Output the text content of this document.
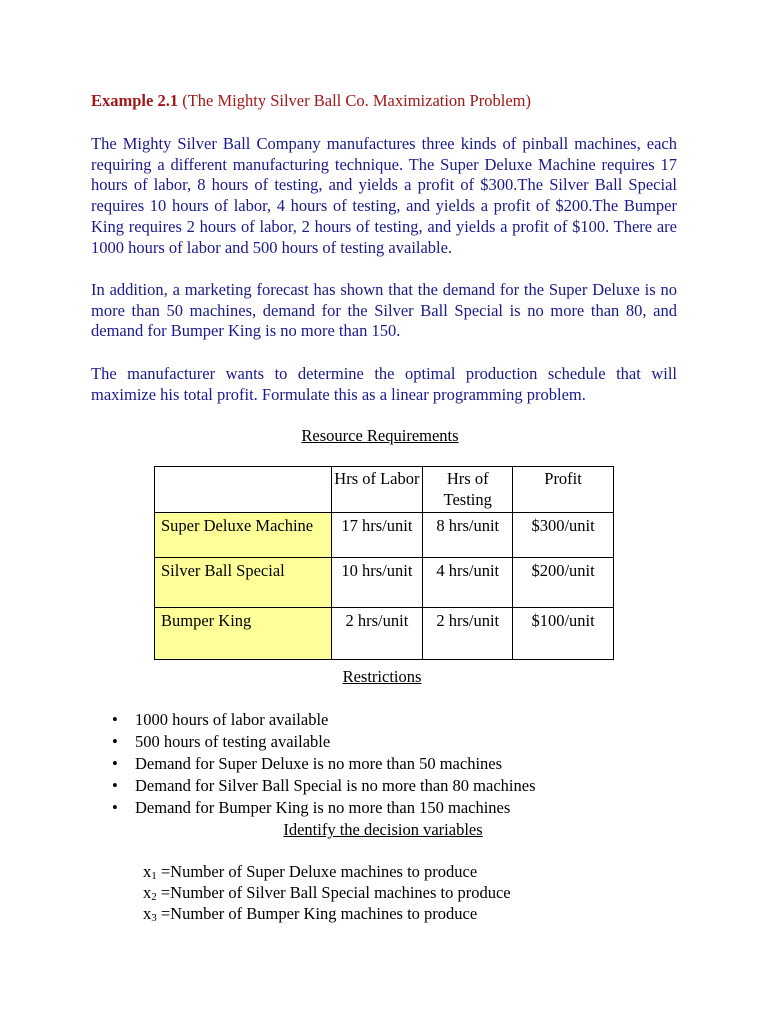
Example 2.1 (The Mighty Silver Ball Co. Maximization Problem)

The Mighty Silver Ball Company manufactures three kinds of pinball machines, each requiring a different manufacturing technique. The Super Deluxe Machine requires 17 hours of labor, 8 hours of testing, and yields a profit of $300.The Silver Ball Special requires 10 hours of labor, 4 hours of testing, and yields a profit of $200.The Bumper King requires 2 hours of labor, 2 hours of testing, and yields a profit of $100. There are 1000 hours of labor and 500 hours of testing available.

In addition, a marketing forecast has shown that the demand for the Super Deluxe is no more than 50 machines, demand for the Silver Ball Special is no more than 80, and demand for Bumper King is no more than 150.

The manufacturer wants to determine the optimal production schedule that will maximize his total profit. Formulate this as a linear programming problem.

Resource Requirements
	Hrs of Labor	Hrs of Testing	Profit
Super Deluxe Machine	17 hrs/unit	8 hrs/unit	$300/unit
Silver Ball Special	10 hrs/unit	4 hrs/unit	$200/unit
Bumper King	2 hrs/unit	2 hrs/unit	$100/unit
Restrictions
• 1000 hours of labor available
• 500 hours of testing available
• Demand for Super Deluxe is no more than 50 machines
• Demand for Silver Ball Special is no more than 80 machines
• Demand for Bumper King is no more than 150 machines
Identify the decision variables
$x_1$ =Number of Super Deluxe machines to produce
$x_2$ =Number of Silver Ball Special machines to produce
$x_3$ =Number of Bumper King machines to produce
